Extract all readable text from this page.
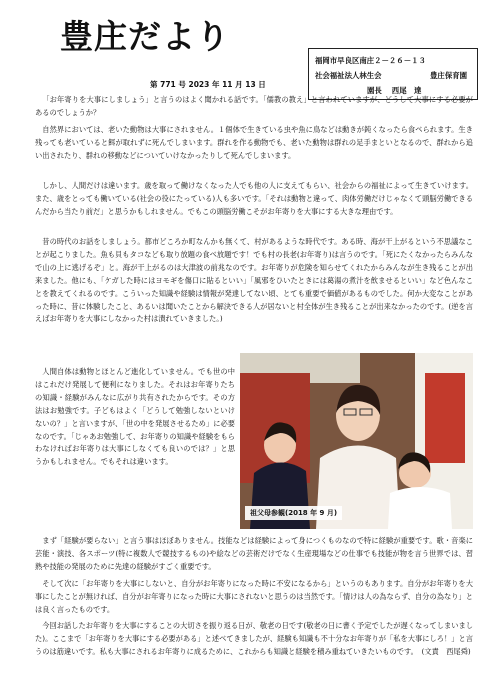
豊庄だより
第 771 号 2023 年 11 月 13 日
福岡市早良区南庄２－２６－１３
社会福祉法人林生会	豊庄保育園
園長 西尾　達

「お年寄りを大事にしましょう」と言うのはよく聞かれる話です。「儒教の教え」と言われていますが、どうして大事にする必要があるのでしょうか？

自然界においては、老いた動物は大事にされません。１個体で生きている虫や魚に鳥などは動きが鈍くなったら食べられます。生き残っても老いていると餌が取れずに死んでしまいます。群れを作る動物でも、老いた動物は群れの足手まといとなるので、群れから追い出されたり、群れの移動などについていけなかったりして死んでしまいます。

しかし、人間だけは違います。歳を取って働けなくなった人でも他の人に支えてもらい、社会からの福祉によって生きていけます。また、歳をとっても働いている(社会の役にたっている)人も多いです。「それは動物と違って、肉体労働だけじゃなくて頭脳労働できるんだから当たり前だ」と思うかもしれません。でもこの頭脳労働こそがお年寄りを大事にする大きな理由です。

昔の時代のお話をしましょう。都市どころか町なんかも無くて、村があるような時代です。ある時、海が干上がるという不思議なことが起こりました。魚も貝もタコなども取り放題の食べ放題です！でも村の長老(お年寄り)は言うのです。「死にたくなかったらみんなで山の上に逃げるぞ」と。海が干上がるのは大津波の前兆なのです。お年寄りが危険を知らせてくれたからみんなが生き残ることが出来ました。他にも、「ケガした時にはヨモギを傷口に貼るといい」「風邪をひいたときには葛湯の煮汁を飲ませるといい」など色んなことを教えてくれるのです。こういった知識や経験は情報が発達してない頃、とても重要で価値があるものでした。何か大変なことがあった時に、昔に体験したこと、あるいは聞いたことから解決できる人が居ないと村全体が生き残ることが出来なかったのです。(逆を言えばお年寄りを大事にしなかった村は潰れていきました。)

人間自体は動物とほとんど進化していません。でも世の中はこれだけ発展して便利になりました。それはお年寄りたちの知識・経験がみんなに広がり共有されたからです。その方法はお勉強です。子どもはよく「どうして勉強しないといけないの？」と言いますが、「世の中を発展させるため」に必要なのです。「じゃあお勉強して、お年寄りの知識や経験をもらわなければお年寄りは大事にしなくても良いのでは？」と思うかもしれません。でもそれは違います。

祖父母参観(2018 年 9 月)

まず「経験が要らない」と言う事はほぼありません。技能などは経験によって身につくものなので特に経験が重要です。歌・音楽に芸能・演技、各スポーツ(特に複数人で競技するもの)や絵などの芸術だけでなく生産現場などの仕事でも技能が物を言う世界では、習熟や技能の発展のために先達の経験がすごく重要です。

そして次に「お年寄りを大事にしないと、自分がお年寄りになった時に不安になるから」というのもあります。自分がお年寄りを大事にしたことが無ければ、自分がお年寄りになった時に大事にされないと思うのは当然です。「情けは人の為ならず、自分の為なり」とは良く言ったものです。

今回お話したお年寄りを大事にすることの大切さを振り返る日が、敬老の日です(敬老の日に書く予定でしたが遅くなってしまいました)。ここまで「お年寄りを大事にする必要がある」と述べてきましたが、経験も知識も不十分なお年寄りが「私を大事にしろ！」と言うのは筋違いです。私も大事にされるお年寄りに成るために、これからも知識と経験を積み重ねていきたいものです。　(文責　西尾舜)
